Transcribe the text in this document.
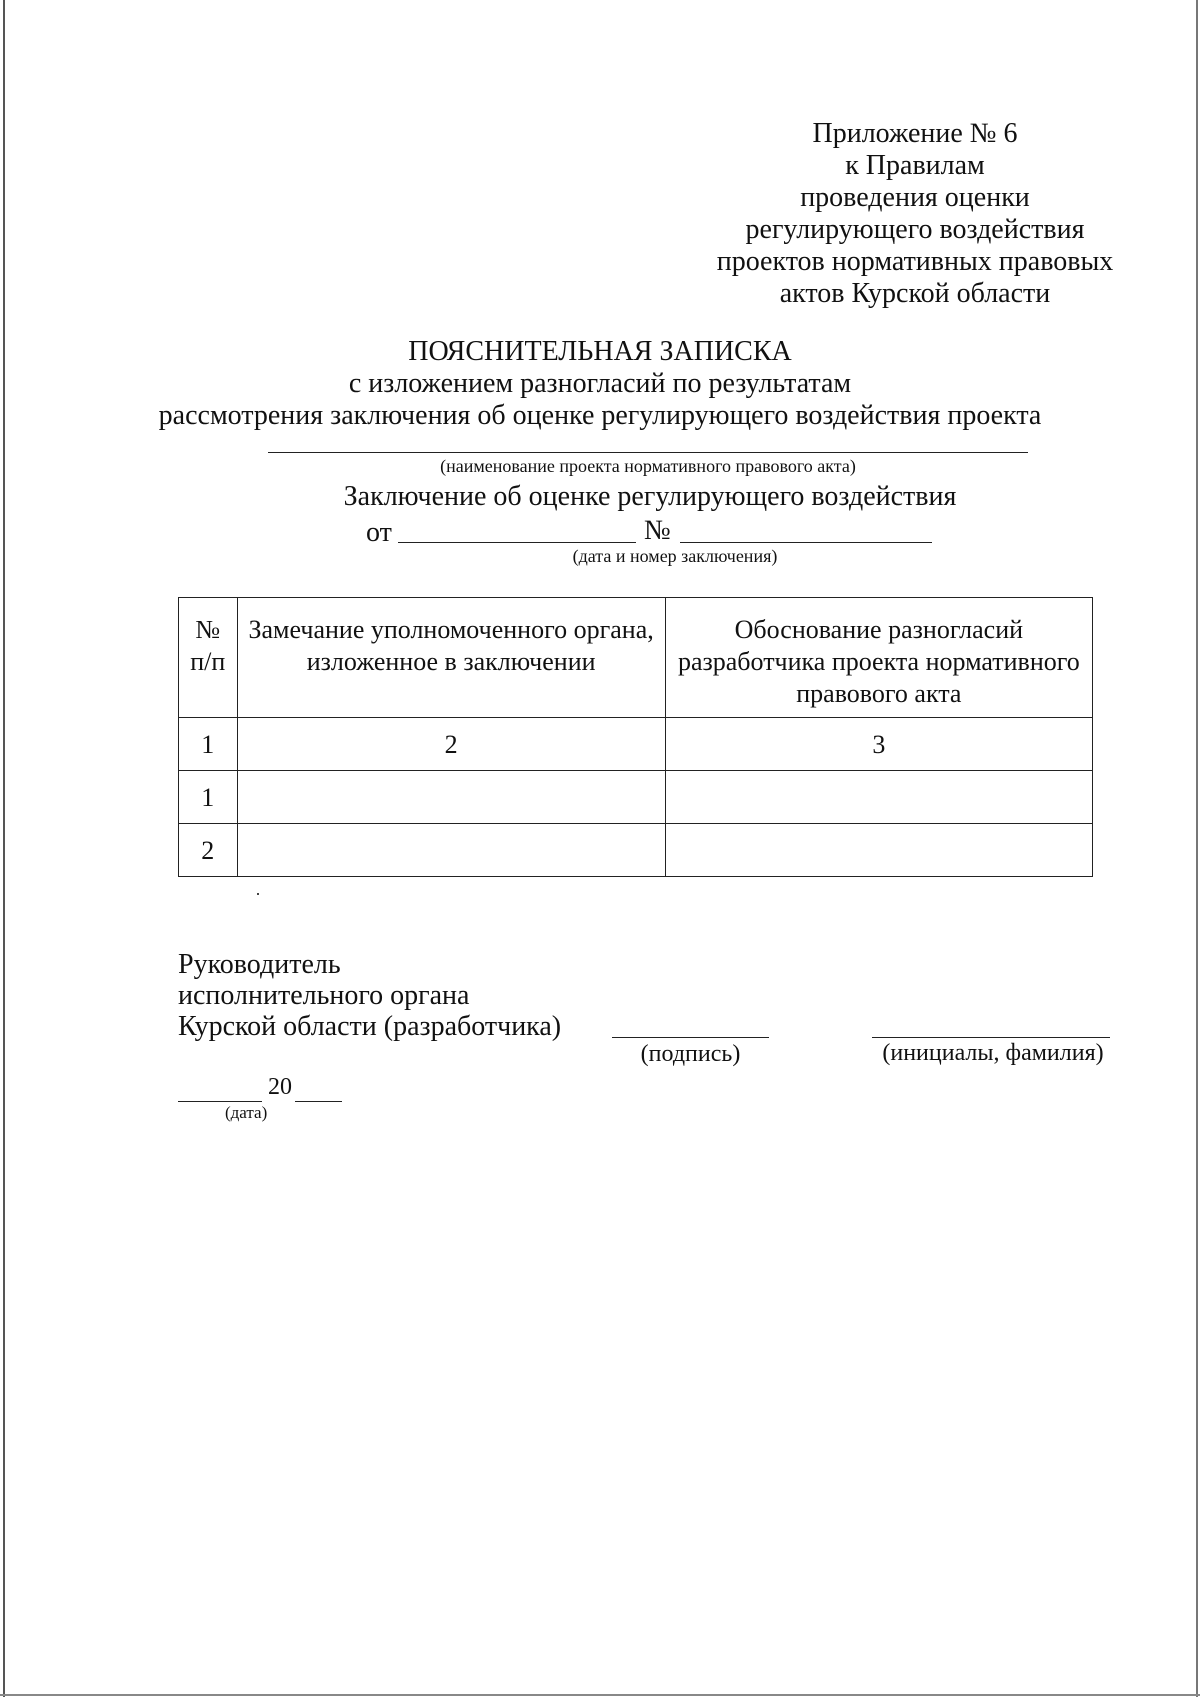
Приложение № 6
к Правилам
проведения оценки
регулирующего воздействия
проектов нормативных правовых
актов Курской области
ПОЯСНИТЕЛЬНАЯ ЗАПИСКА
с изложением разногласий по результатам
рассмотрения заключения об оценке регулирующего воздействия проекта
(наименование проекта нормативного правового акта)
Заключение об оценке регулирующего воздействия
от	№
(дата и номер заключения)
№ п/п	Замечание уполномоченного органа, изложенное в заключении	Обоснование разногласий разработчика проекта нормативного правового акта
1	2	3
1		
2		
Руководитель
исполнительного органа
Курской области (разработчика)
(подпись)	(инициалы, фамилия)
20
(дата)
